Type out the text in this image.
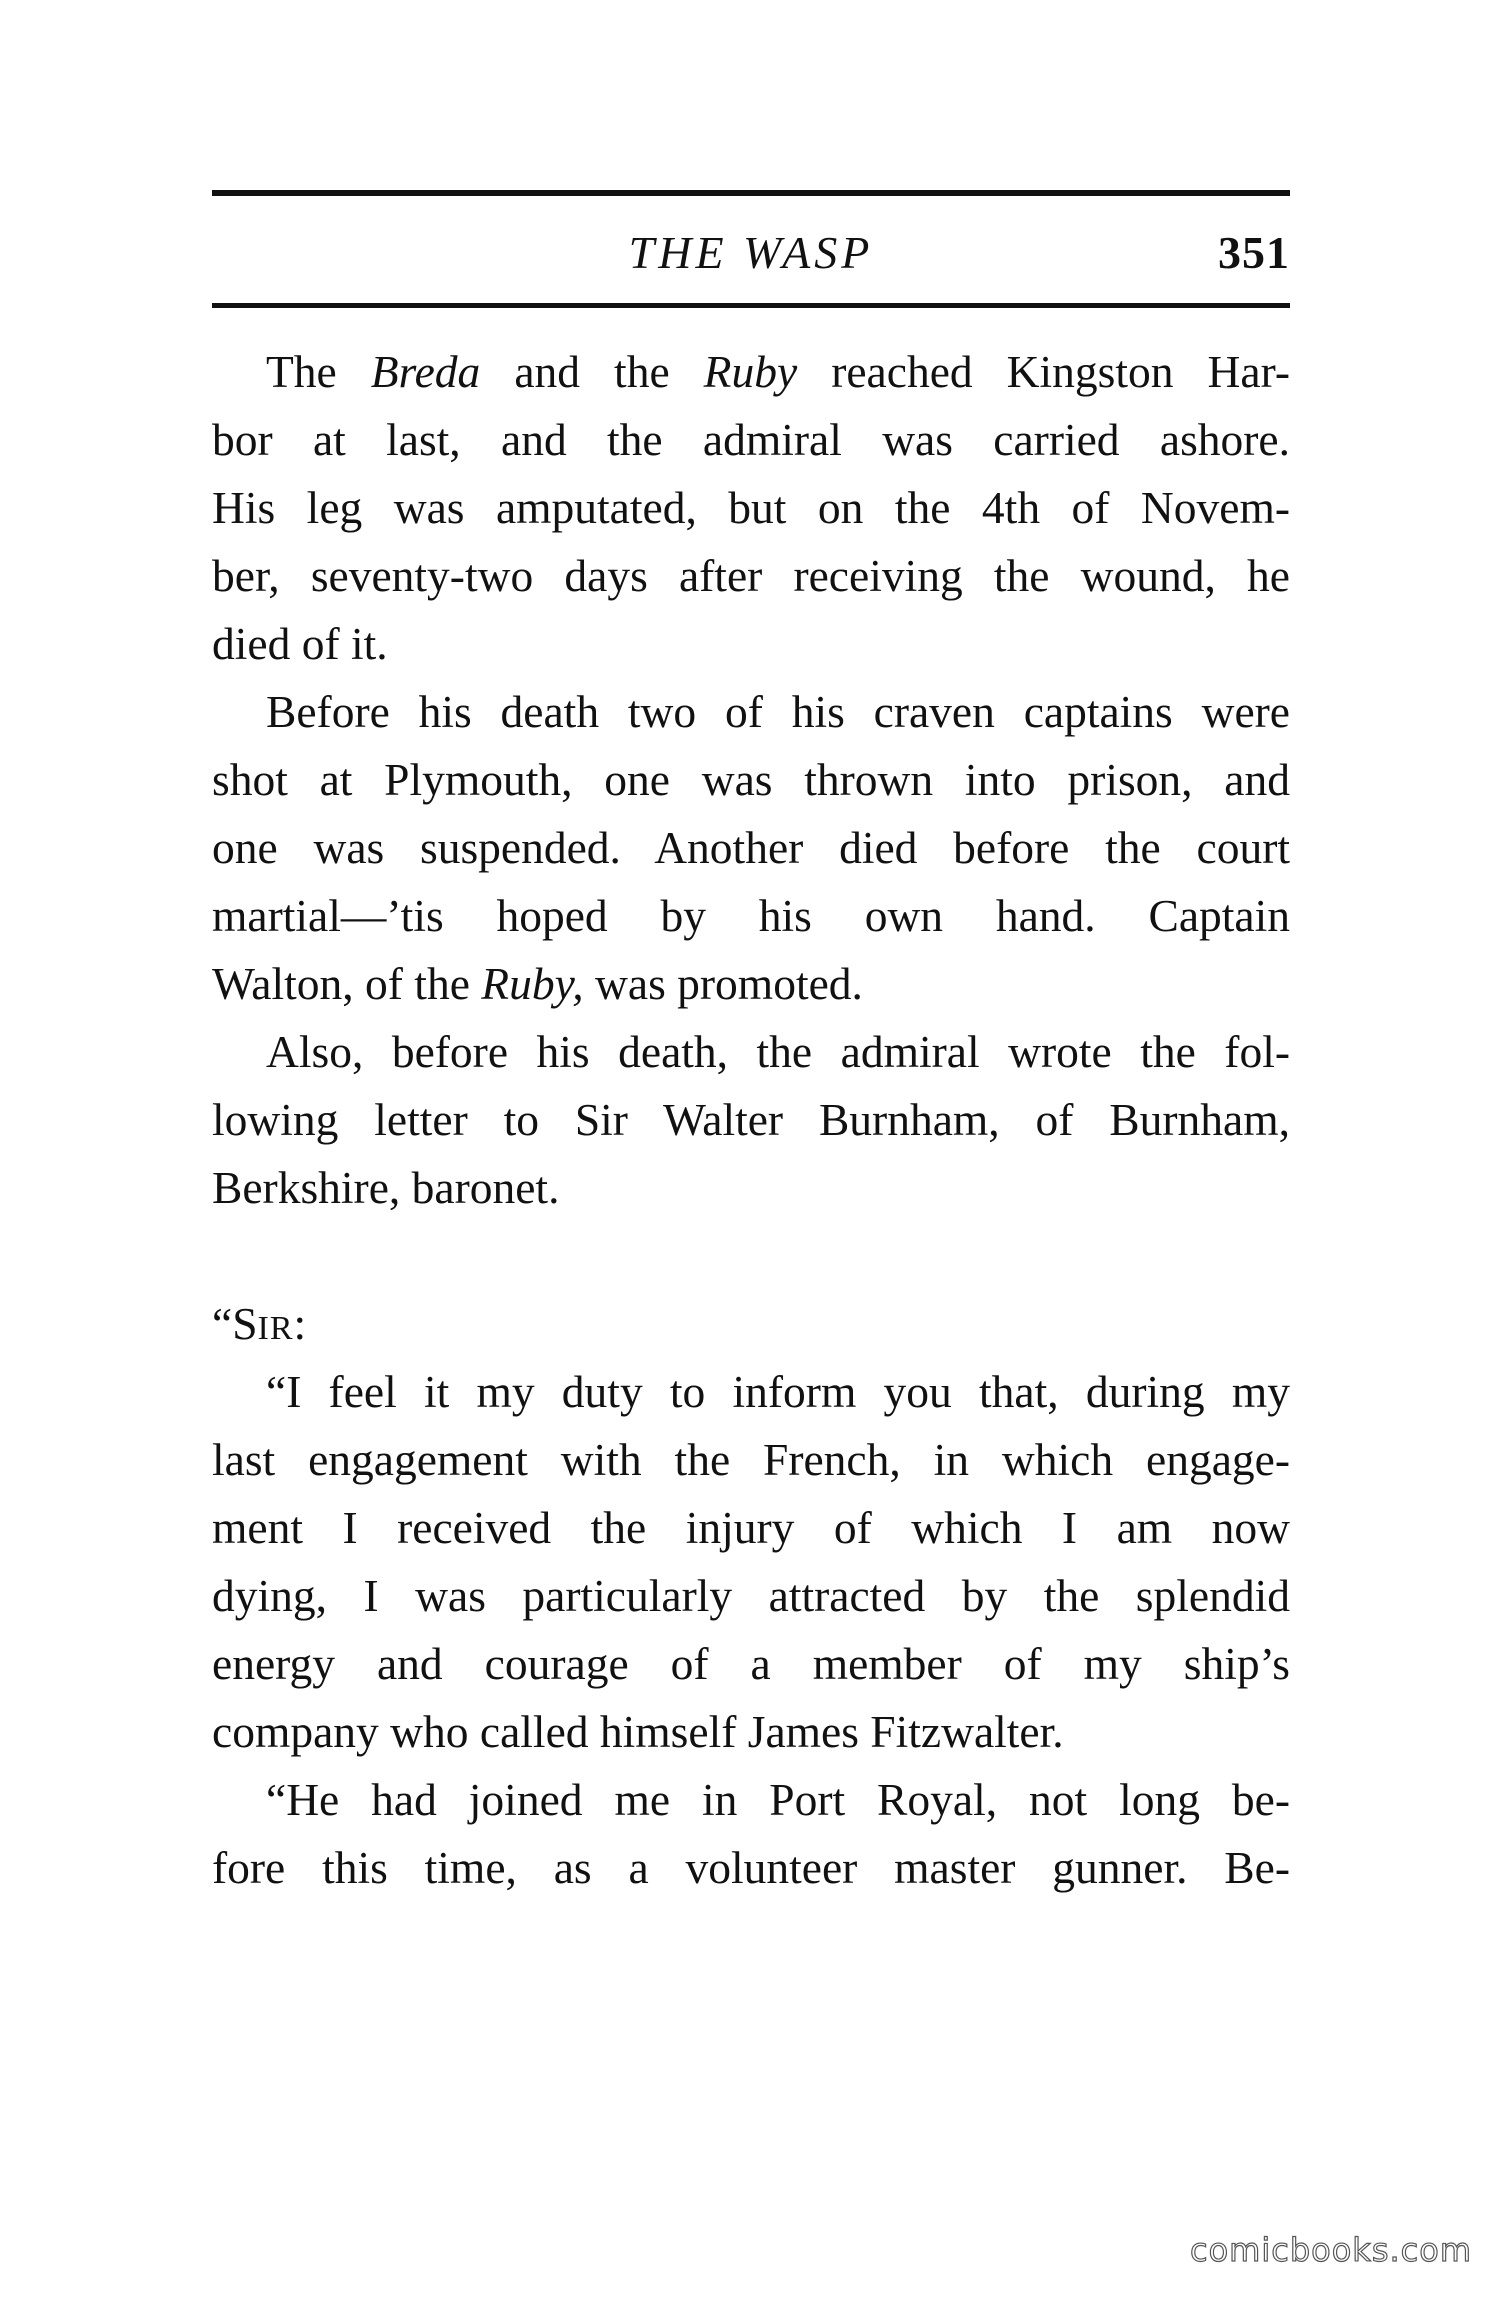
THE WASP	351
The Breda and the Ruby reached Kingston Har-
bor at last, and the admiral was carried ashore.
His leg was amputated, but on the 4th of Novem-
ber, seventy-two days after receiving the wound, he
died of it.
Before his death two of his craven captains were
shot at Plymouth, one was thrown into prison, and
one was suspended. Another died before the court
martial—’tis hoped by his own hand. Captain
Walton, of the Ruby, was promoted.
Also, before his death, the admiral wrote the fol-
lowing letter to Sir Walter Burnham, of Burnham,
Berkshire, baronet.
“SIR:
“I feel it my duty to inform you that, during my
last engagement with the French, in which engage-
ment I received the injury of which I am now
dying, I was particularly attracted by the splendid
energy and courage of a member of my ship’s
company who called himself James Fitzwalter.
“He had joined me in Port Royal, not long be-
fore this time, as a volunteer master gunner. Be-
comicbooks.com
